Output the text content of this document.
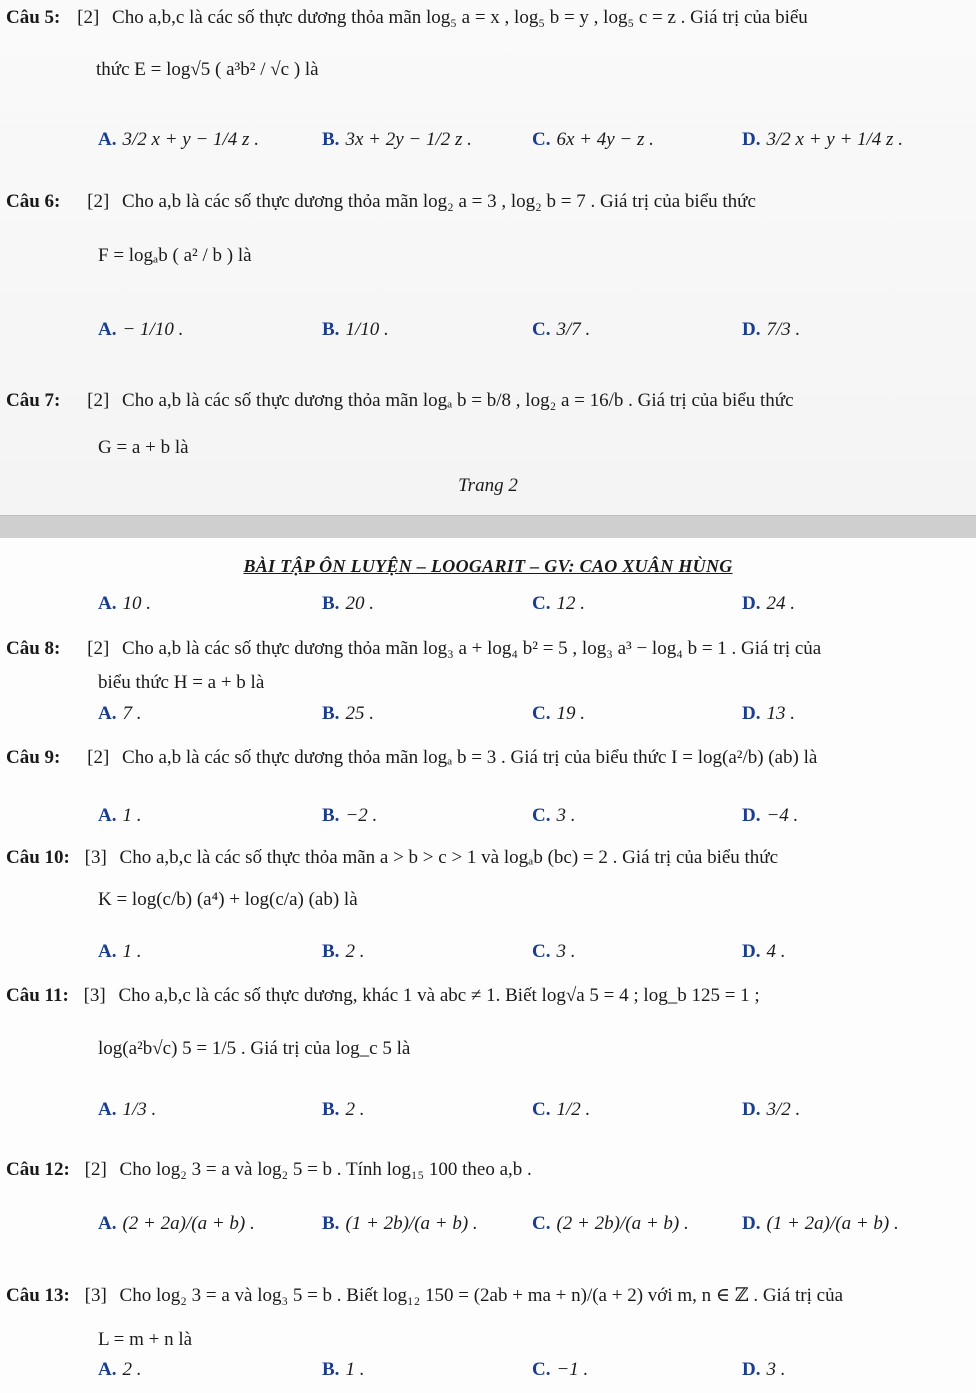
Câu 5: [2] Cho a,b,c là các số thực dương thỏa mãn log₅ a = x , log₅ b = y , log₅ c = z . Giá trị của biểu
thức E = log√5 ( a³b² / √c ) là
A. 3/2 x + y − 1/4 z .	B. 3x + 2y − 1/2 z .	C. 6x + 4y − z .	D. 3/2 x + y + 1/4 z .
Câu 6: [2] Cho a,b là các số thực dương thỏa mãn log₂ a = 3 , log₂ b = 7 . Giá trị của biểu thức
F = logₐb ( a² / b ) là
A. − 1/10 .	B. 1/10 .	C. 3/7 .	D. 7/3 .
Câu 7: [2] Cho a,b là các số thực dương thỏa mãn logₐ b = b/8 , log₂ a = 16/b . Giá trị của biểu thức
G = a + b là
Trang 2
BÀI TẬP ÔN LUYỆN – LOOGARIT – GV: CAO XUÂN HÙNG
A. 10 .	B. 20 .	C. 12 .	D. 24 .
Câu 8: [2] Cho a,b là các số thực dương thỏa mãn log₃ a + log₄ b² = 5 , log₃ a³ − log₄ b = 1 . Giá trị của
biểu thức H = a + b là
A. 7 .	B. 25 .	C. 19 .	D. 13 .
Câu 9: [2] Cho a,b là các số thực dương thỏa mãn logₐ b = 3 . Giá trị của biểu thức I = log(a²/b) (ab) là
A. 1 .	B. −2 .	C. 3 .	D. −4 .
Câu 10: [3] Cho a,b,c là các số thực thỏa mãn a > b > c > 1 và logₐb (bc) = 2 . Giá trị của biểu thức
K = log(c/b) (a⁴) + log(c/a) (ab) là
A. 1 .	B. 2 .	C. 3 .	D. 4 .
Câu 11: [3] Cho a,b,c là các số thực dương, khác 1 và abc ≠ 1. Biết log√a 5 = 4 ; log_b 125 = 1 ;
log(a²b√c) 5 = 1/5 . Giá trị của log_c 5 là
A. 1/3 .	B. 2 .	C. 1/2 .	D. 3/2 .
Câu 12: [2] Cho log₂ 3 = a và log₂ 5 = b . Tính log₁₅ 100 theo a,b .
A. (2 + 2a)/(a + b) .	B. (1 + 2b)/(a + b) .	C. (2 + 2b)/(a + b) .	D. (1 + 2a)/(a + b) .
Câu 13: [3] Cho log₂ 3 = a và log₃ 5 = b . Biết log₁₂ 150 = (2ab + ma + n)/(a + 2) với m, n ∈ ℤ . Giá trị của
L = m + n là
A. 2 .	B. 1 .	C. −1 .	D. 3 .
